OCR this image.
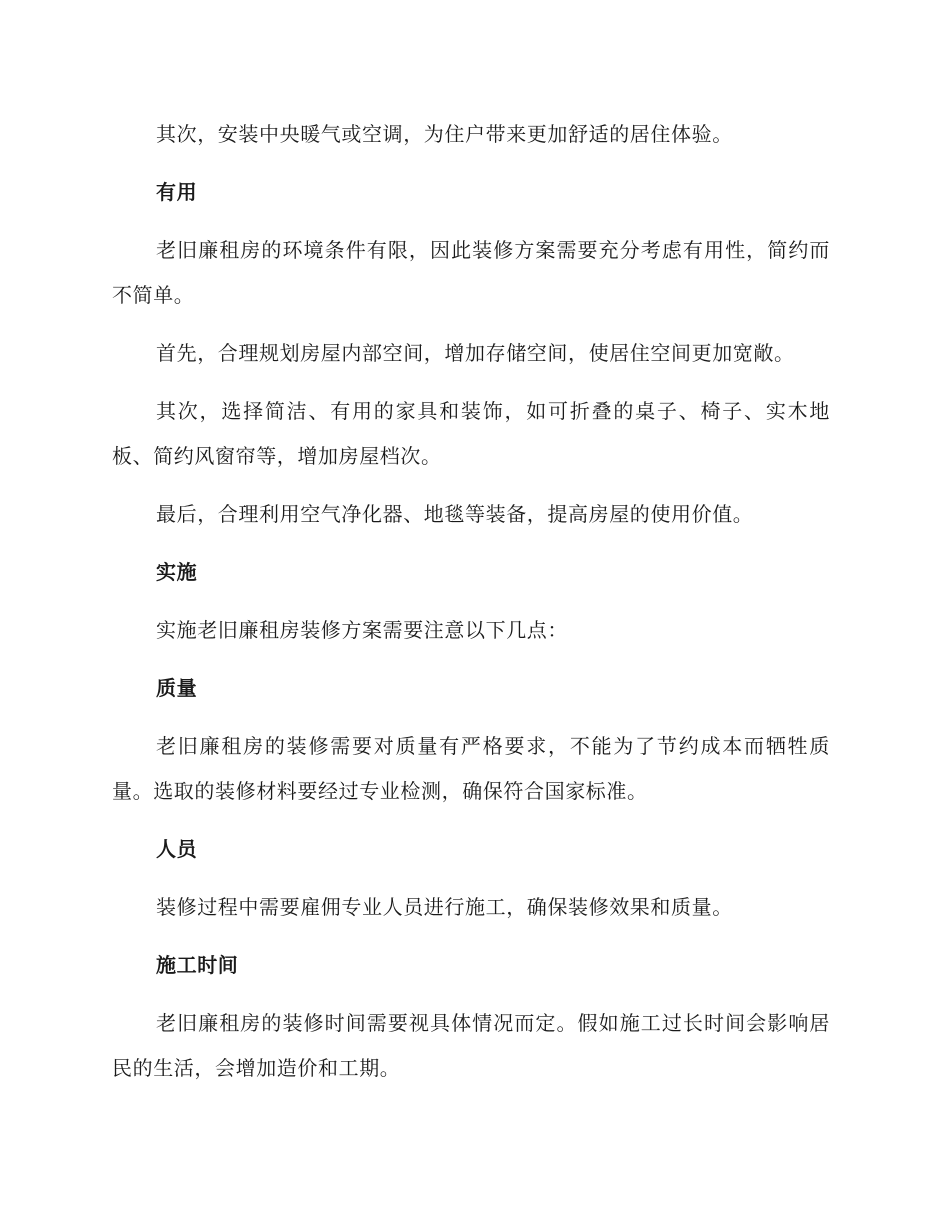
其次，安装中央暖气或空调，为住户带来更加舒适的居住体验。

有用

老旧廉租房的环境条件有限，因此装修方案需要充分考虑有用性，简约而不简单。

首先，合理规划房屋内部空间，增加存储空间，使居住空间更加宽敞。

其次，选择简洁、有用的家具和装饰，如可折叠的桌子、椅子、实木地板、简约风窗帘等，增加房屋档次。

最后，合理利用空气净化器、地毯等装备，提高房屋的使用价值。

实施

实施老旧廉租房装修方案需要注意以下几点：

质量

老旧廉租房的装修需要对质量有严格要求，不能为了节约成本而牺牲质量。选取的装修材料要经过专业检测，确保符合国家标准。

人员

装修过程中需要雇佣专业人员进行施工，确保装修效果和质量。

施工时间

老旧廉租房的装修时间需要视具体情况而定。假如施工过长时间会影响居民的生活，会增加造价和工期。
